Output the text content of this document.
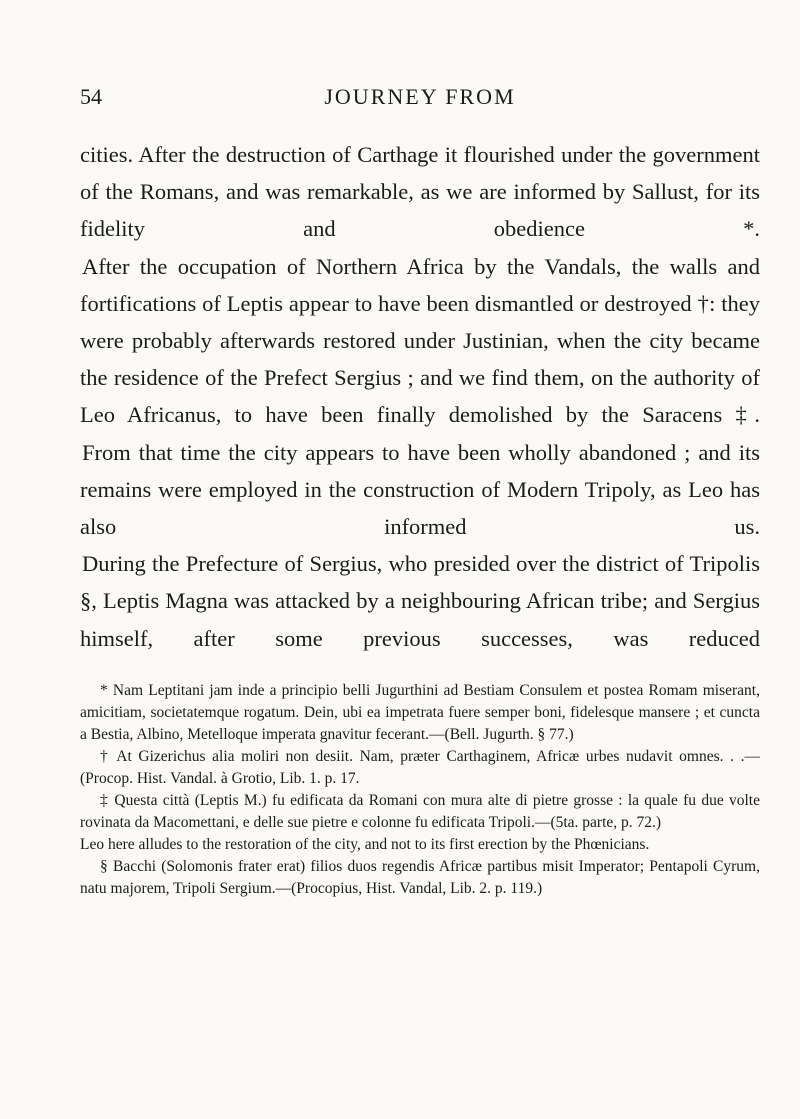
54	JOURNEY FROM

cities. After the destruction of Carthage it flourished under the government of the Romans, and was remarkable, as we are informed by Sallust, for its fidelity and obedience *.

After the occupation of Northern Africa by the Vandals, the walls and fortifications of Leptis appear to have been dismantled or destroyed †: they were probably afterwards restored under Justinian, when the city became the residence of the Prefect Sergius ; and we find them, on the authority of Leo Africanus, to have been finally demolished by the Saracens ‡.

From that time the city appears to have been wholly abandoned ; and its remains were employed in the construction of Modern Tripoly, as Leo has also informed us.

During the Prefecture of Sergius, who presided over the district of Tripolis §, Leptis Magna was attacked by a neighbouring African tribe; and Sergius himself, after some previous successes, was reduced

* Nam Leptitani jam inde a principio belli Jugurthini ad Bestiam Consulem et postea Romam miserant, amicitiam, societatemque rogatum. Dein, ubi ea impetrata fuere semper boni, fidelesque mansere ; et cuncta a Bestia, Albino, Metelloque imperata gnavitur fecerant.—(Bell. Jugurth. § 77.)

† At Gizerichus alia moliri non desiit. Nam, præter Carthaginem, Africæ urbes nudavit omnes. . .—(Procop. Hist. Vandal. à Grotio, Lib. 1. p. 17.

‡ Questa città (Leptis M.) fu edificata da Romani con mura alte di pietre grosse : la quale fu due volte rovinata da Macomettani, e delle sue pietre e colonne fu edificata Tripoli.—(5ta. parte, p. 72.)

Leo here alludes to the restoration of the city, and not to its first erection by the Phœnicians.

§ Bacchi (Solomonis frater erat) filios duos regendis Africæ partibus misit Imperator; Pentapoli Cyrum, natu majorem, Tripoli Sergium.—(Procopius, Hist. Vandal, Lib. 2. p. 119.)
